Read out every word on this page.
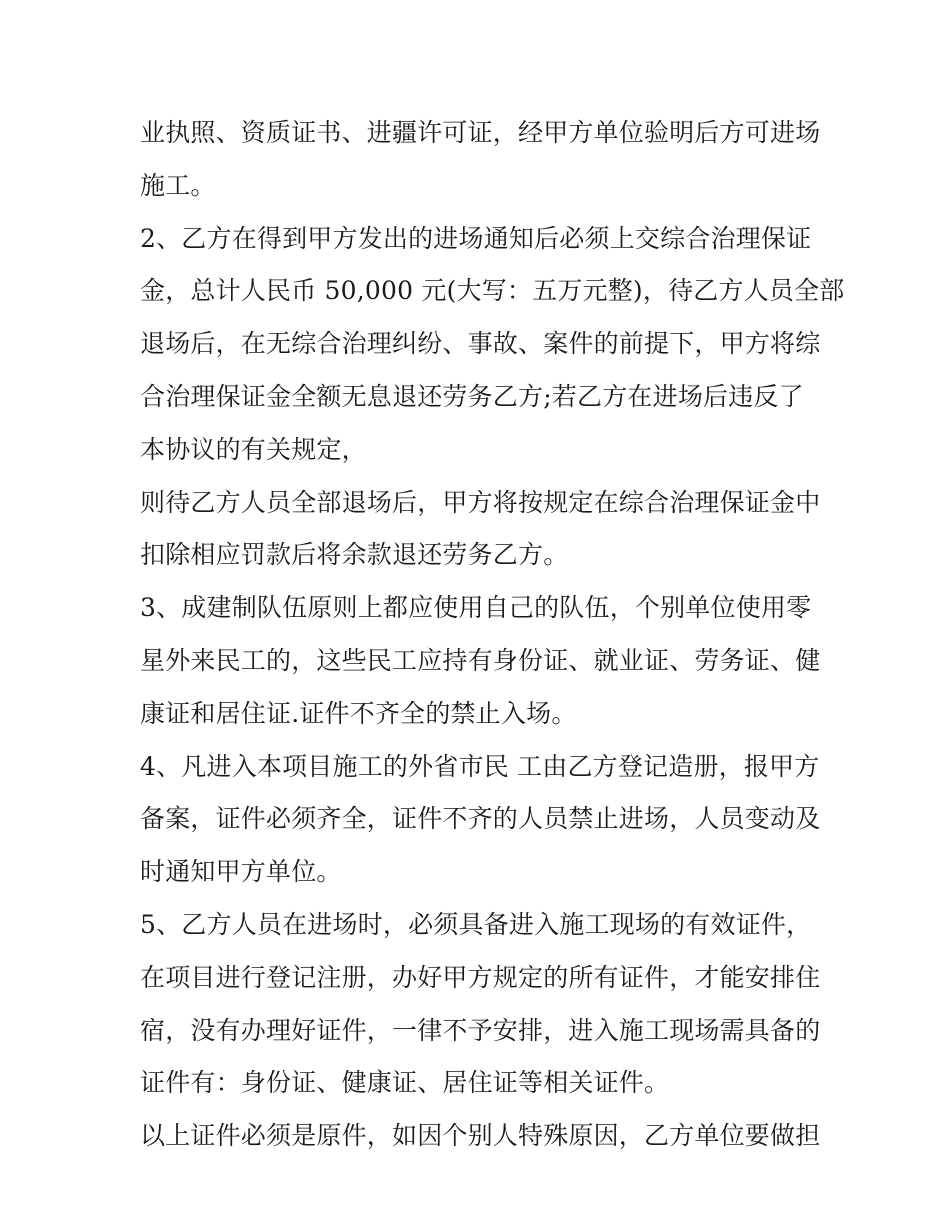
业执照、资质证书、进疆许可证，经甲方单位验明后方可进场
施工。
2、乙方在得到甲方发出的进场通知后必须上交综合治理保证
金，总计人民币 50,000 元(大写：五万元整)，待乙方人员全部
退场后，在无综合治理纠纷、事故、案件的前提下，甲方将综
合治理保证金全额无息退还劳务乙方;若乙方在进场后违反了
本协议的有关规定，
则待乙方人员全部退场后，甲方将按规定在综合治理保证金中
扣除相应罚款后将余款退还劳务乙方。
3、成建制队伍原则上都应使用自己的队伍，个别单位使用零
星外来民工的，这些民工应持有身份证、就业证、劳务证、健
康证和居住证.证件不齐全的禁止入场。
4、凡进入本项目施工的外省市民 工由乙方登记造册，报甲方
备案，证件必须齐全，证件不齐的人员禁止进场，人员变动及
时通知甲方单位。
5、乙方人员在进场时，必须具备进入施工现场的有效证件，
在项目进行登记注册，办好甲方规定的所有证件，才能安排住
宿，没有办理好证件，一律不予安排，进入施工现场需具备的
证件有：身份证、健康证、居住证等相关证件。
以上证件必须是原件，如因个别人特殊原因，乙方单位要做担
